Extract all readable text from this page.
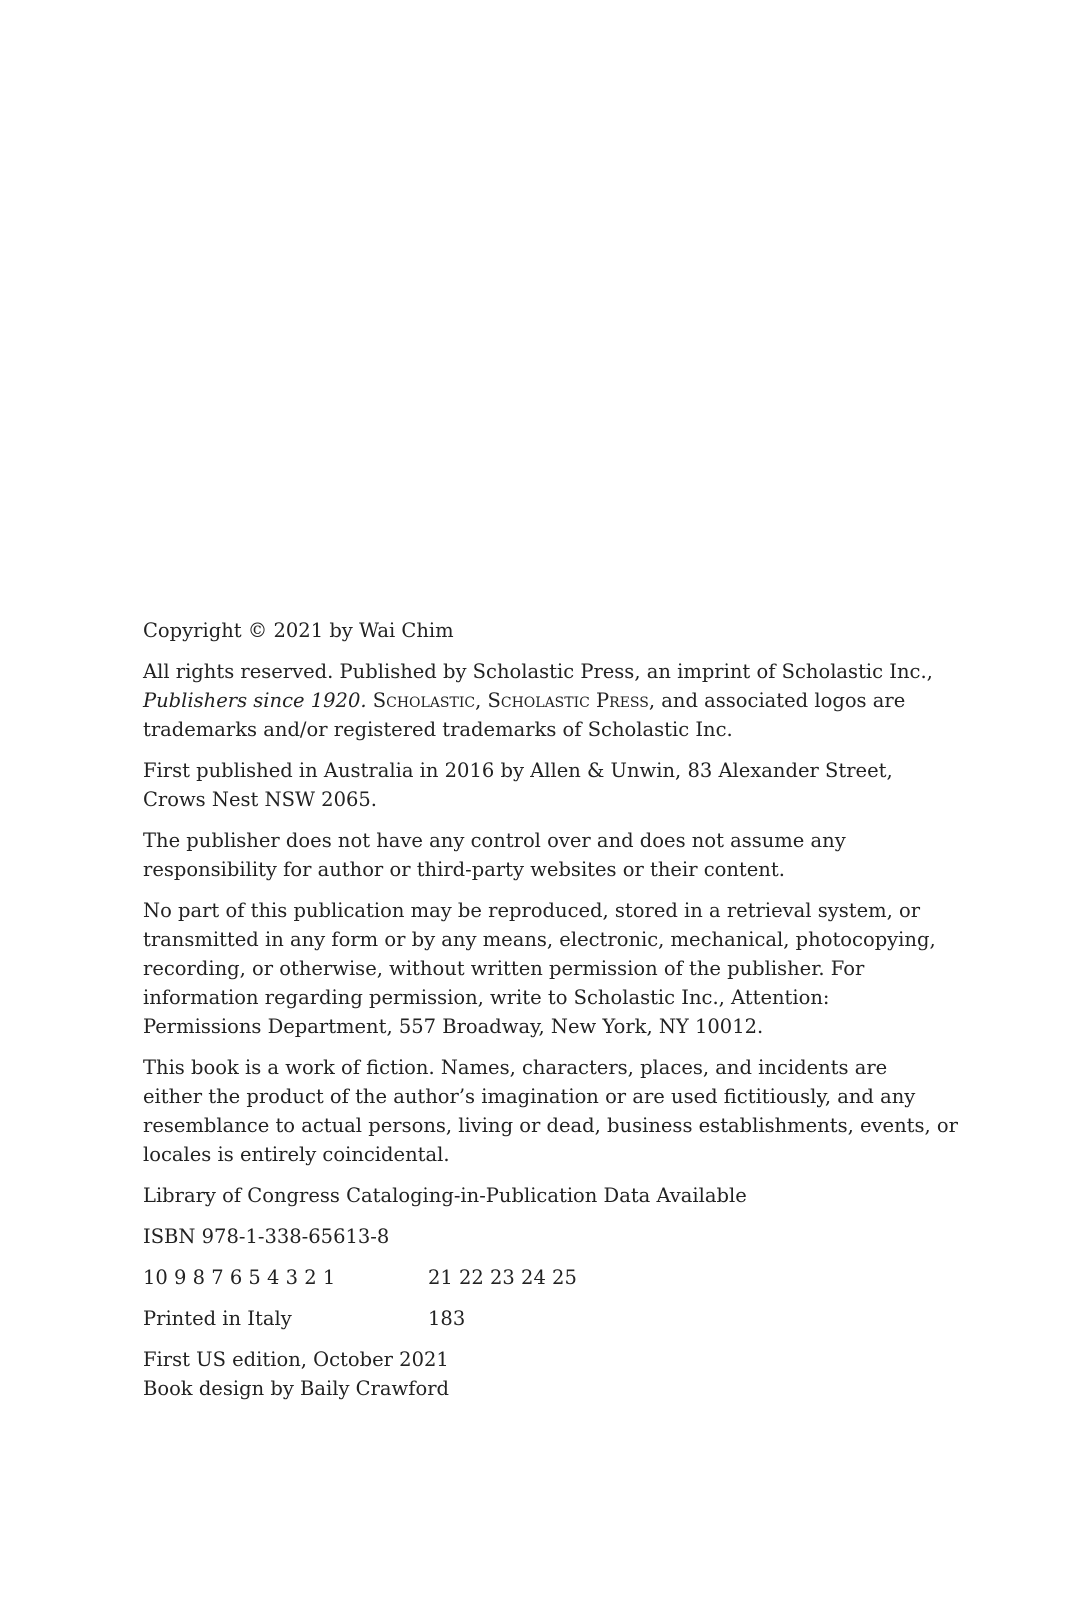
Copyright © 2021 by Wai Chim

All rights reserved. Published by Scholastic Press, an imprint of Scholastic Inc.,
Publishers since 1920. Scholastic, Scholastic Press, and associated logos are
trademarks and/or registered trademarks of Scholastic Inc.
First published in Australia in 2016 by Allen & Unwin, 83 Alexander Street,
Crows Nest NSW 2065.
The publisher does not have any control over and does not assume any
responsibility for author or third-party websites or their content.
No part of this publication may be reproduced, stored in a retrieval system, or
transmitted in any form or by any means, electronic, mechanical, photocopying,
recording, or otherwise, without written permission of the publisher. For
information regarding permission, write to Scholastic Inc., Attention:
Permissions Department, 557 Broadway, New York, NY 10012.
This book is a work of fiction. Names, characters, places, and incidents are
either the product of the author’s imagination or are used fictitiously, and any
resemblance to actual persons, living or dead, business establishments, events, or
locales is entirely coincidental.

Library of Congress Cataloging-in-Publication Data Available

ISBN 978-1-338-65613-8

10 9 8 7 6 5 4 3 2 1	21 22 23 24 25
Printed in Italy	183
First US edition, October 2021
Book design by Baily Crawford
